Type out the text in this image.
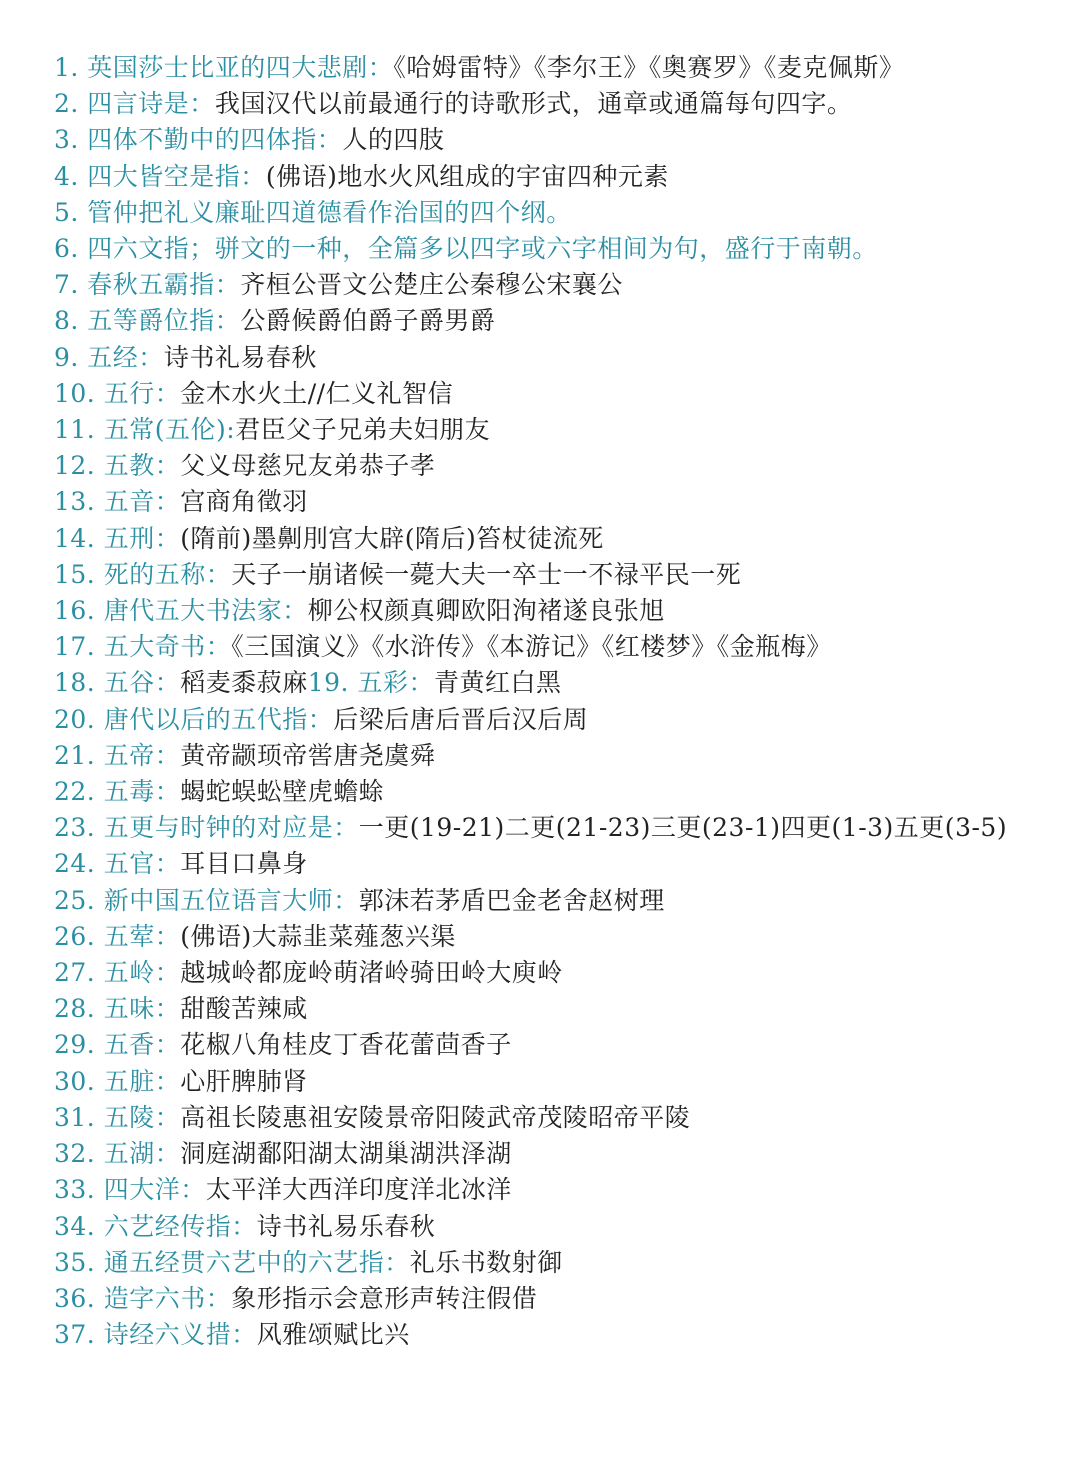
1. 英国莎士比亚的四大悲剧：《哈姆雷特》《李尔王》《奥赛罗》《麦克佩斯》
2. 四言诗是：我国汉代以前最通行的诗歌形式，通章或通篇每句四字。
3. 四体不勤中的四体指：人的四肢
4. 四大皆空是指：(佛语)地水火风组成的宇宙四种元素
5. 管仲把礼义廉耻四道德看作治国的四个纲。
6. 四六文指；骈文的一种，全篇多以四字或六字相间为句，盛行于南朝。
7. 春秋五霸指：齐桓公晋文公楚庄公秦穆公宋襄公
8. 五等爵位指：公爵候爵伯爵子爵男爵
9. 五经：诗书礼易春秋
10. 五行：金木水火土//仁义礼智信
11. 五常(五伦):君臣父子兄弟夫妇朋友
12. 五教：父义母慈兄友弟恭子孝
13. 五音：宫商角徵羽
14. 五刑：(隋前)墨劓刖宫大辟(隋后)笞杖徒流死
15. 死的五称：天子一崩诸候一薨大夫一卒士一不禄平民一死
16. 唐代五大书法家：柳公权颜真卿欧阳洵褚遂良张旭
17. 五大奇书：《三国演义》《水浒传》《本游记》《红楼梦》《金瓶梅》
18. 五谷：稻麦黍菽麻19. 五彩：青黄红白黑
20. 唐代以后的五代指：后梁后唐后晋后汉后周
21. 五帝：黄帝颛顼帝喾唐尧虞舜
22. 五毒：蝎蛇蜈蚣壁虎蟾蜍
23. 五更与时钟的对应是：一更(19-21)二更(21-23)三更(23-1)四更(1-3)五更(3-5)
24. 五官：耳目口鼻身
25. 新中国五位语言大师：郭沫若茅盾巴金老舍赵树理
26. 五荤：(佛语)大蒜韭菜薤葱兴渠
27. 五岭：越城岭都庞岭萌渚岭骑田岭大庾岭
28. 五味：甜酸苦辣咸
29. 五香：花椒八角桂皮丁香花蕾茴香子
30. 五脏：心肝脾肺肾
31. 五陵：高祖长陵惠祖安陵景帝阳陵武帝茂陵昭帝平陵
32. 五湖：洞庭湖鄱阳湖太湖巢湖洪泽湖
33. 四大洋：太平洋大西洋印度洋北冰洋
34. 六艺经传指：诗书礼易乐春秋
35. 通五经贯六艺中的六艺指：礼乐书数射御
36. 造字六书：象形指示会意形声转注假借
37. 诗经六义措：风雅颂赋比兴
